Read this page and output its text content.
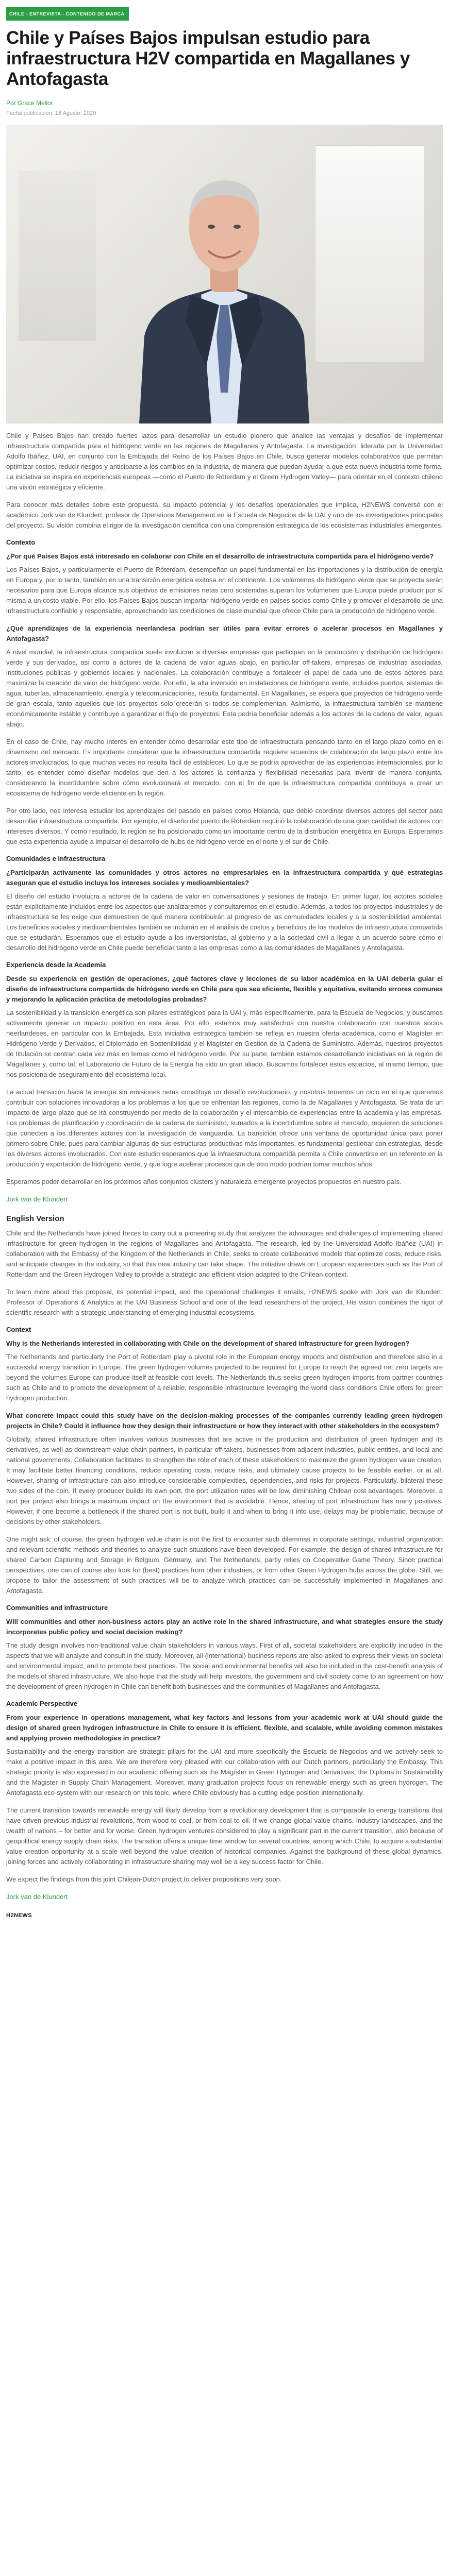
CHILE - ENTREVISTA - CONTENIDO DE MARCA
Chile y Países Bajos impulsan estudio para infraestructura H2V compartida en Magallanes y Antofagasta
Por Grace Mellor
Fecha publicación: 18 Agosto, 2020

Chile y Países Bajos han creado fuertes lazos para desarrollar un estudio pionero que analice las ventajas y desafíos de implementar infraestructura compartida para el hidrógeno verde en las regiones de Magallanes y Antofagasta. La investigación, liderada por la Universidad Adolfo Ibáñez, UAI, en conjunto con la Embajada del Reino de los Países Bajos en Chile, busca generar modelos colaborativos que permitan optimizar costos, reducir riesgos y anticiparse a los cambios en la industria, de manera que puedan ayudar a que esta nueva industria tome forma. La iniciativa se inspira en experiencias europeas —como el Puerto de Róterdam y el Green Hydrogen Valley— para orientar en el contexto chileno una visión estratégica y eficiente.

Para conocer más detalles sobre este propuesta, su impacto potencial y los desafíos operacionales que implica, H2NEWS conversó con el académico Jork van de Klundert, profesor de Operations Management en la Escuela de Negocios de la UAI y uno de los investigadores principales del proyecto. Su visión combina el rigor de la investigación científica con una comprensión estratégica de los ecosistemas industriales emergentes.

Contexto

¿Por qué Países Bajos está interesado en colaborar con Chile en el desarrollo de infraestructura compartida para el hidrógeno verde?

Los Países Bajos, y particularmente el Puerto de Róterdam, desempeñan un papel fundamental en las importaciones y la distribución de energía en Europa y, por lo tanto, también en una transición energética exitosa en el continente. Los volúmenes de hidrógeno verde que se proyecta serán necesarios para que Europa alcance sus objetivos de emisiones netas cero sostenidas superan los volúmenes que Europa puede producir por sí misma a un costo viable. Por ello, los Países Bajos buscan importar hidrógeno verde en países socios como Chile y promover el desarrollo de una infraestructura confiable y responsable, aprovechando las condiciones de clase mundial que ofrece Chile para la producción de hidrógeno verde.

¿Qué aprendizajes de la experiencia neerlandesa podrían ser útiles para evitar errores o acelerar procesos en Magallanes y Antofagasta?

A nivel mundial, la infraestructura compartida suele involucrar a diversas empresas que participan en la producción y distribución de hidrógeno verde y sus derivados, así como a actores de la cadena de valor aguas abajo, en particular off-takers, empresas de industrias asociadas, instituciones públicas y gobiernos locales y nacionales. La colaboración contribuye a fortalecer el papel de cada uno de estos actores para maximizar la creación de valor del hidrógeno verde. Por ello, la alta inversión en instalaciones de hidrógeno verde, incluidos puertos, sistemas de agua, tuberías, almacenamiento, energía y telecomunicaciones, resulta fundamental. En Magallanes, se espera que proyectos de hidrógeno verde de gran escala, tanto aquellos que los proyectos solo crecerán si todos se complementan. Asimismo, la infraestructura también se mantiene económicamente estable y contribuye a garantizar el flujo de proyectos. Esta podría beneficiar además a los actores de la cadena de valor, aguas abajo.

En el caso de Chile, hay mucho interés en entender cómo desarrollar este tipo de infraestructura pensando tanto en el largo plazo como en el dinamismo del mercado. Es importante considerar que la infraestructura compartida requiere acuerdos de colaboración de largo plazo entre los actores involucrados, lo que muchas veces no resulta fácil de establecer. Lo que se podría aprovechar de las experiencias internacionales, por lo tanto, es entender cómo diseñar modelos que den a los actores la confianza y flexibilidad necesarias para invertir de manera conjunta, considerando la incertidumbre sobre cómo evolucionará el mercado, con el fin de que la infraestructura compartida contribuya a crear un ecosistema de hidrógeno verde eficiente en la región.

Por otro lado, nos interesa estudiar los aprendizajes del pasado en países como Holanda, que debió coordinar diversos actores del sector para desarrollar infraestructura compartida. Por ejemplo, el diseño del puerto de Róterdam requirió la colaboración de una gran cantidad de actores con intereses diversos. Y como resultado, la región se ha posicionado como un importante centro de la distribución energética en Europa. Esperamos que esta experiencia ayude a impulsar el desarrollo de hubs de hidrógeno verde en el norte y el sur de Chile.

Comunidades e infraestructura

¿Participarán activamente las comunidades y otros actores no empresariales en la infraestructura compartida y qué estrategias aseguran que el estudio incluya los intereses sociales y medioambientales?

El diseño del estudio involucra a actores de la cadena de valor en conversaciones y sesiones de trabajo. En primer lugar, los actores sociales están explícitamente incluidos entre los aspectos que analizaremos y consultaremos en el estudio. Además, a todos los proyectos industriales y de infraestructura se les exige que demuestren de qué manera contribuirán al progreso de las comunidades locales y a la sostenibilidad ambiental. Los beneficios sociales y medioambientales también se incluirán en el análisis de costos y beneficios de los modelos de infraestructura compartida que se estudiarán. Esperamos que el estudio ayude a los inversionistas, al gobierno y a la sociedad civil a llegar a un acuerdo sobre cómo el desarrollo del hidrógeno verde en Chile puede beneficiar tanto a las empresas como a las comunidades de Magallanes y Antofagasta.

Experiencia desde la Academia

Desde su experiencia en gestión de operaciones, ¿qué factores clave y lecciones de su labor académica en la UAI debería guiar el diseño de infraestructura compartida de hidrógeno verde en Chile para que sea eficiente, flexible y equitativa, evitando errores comunes y mejorando la aplicación práctica de metodologías probadas?

La sostenibilidad y la transición energética son pilares estratégicos para la UAI y, más específicamente, para la Escuela de Negocios, y buscamos activamente generar un impacto positivo en esta área. Por ello, estamos muy satisfechos con nuestra colaboración con nuestros socios neerlandeses, en particular con la Embajada. Esta iniciativa estratégica también se refleja en nuestra oferta académica, como el Magíster en Hidrógeno Verde y Derivados, el Diplomado en Sostenibilidad y el Magíster en Gestión de la Cadena de Suministro. Además, nuestros proyectos de titulación se centran cada vez más en temas como el hidrógeno verde. Por su parte, también estamos desarrollando iniciativas en la región de Magallanes y, como tal, el Laboratorio de Futuro de la Energía ha sido un gran aliado. Buscamos fortalecer estos espacios, al mismo tiempo, que nos posiciona de aseguramiento del ecosistema local.

La actual transición hacia la energía sin emisiones netas constituye un desafío revolucionario, y nosotros tenemos un ciclo en el que queremos contribuir con soluciones innovadoras a los problemas a los que se enfrentan las regiones, como la de Magallanes y Antofagasta. Se trata de un impacto de largo plazo que se irá construyendo por medio de la colaboración y el intercambio de experiencias entre la academia y las empresas. Los problemas de planificación y coordinación de la cadena de suministro, sumados a la incertidumbre sobre el mercado, requieren de soluciones que conecten a los diferentes actores con la investigación de vanguardia. La transición ofrece una ventana de oportunidad única para poner primero sobre Chile, pues para cambiar algunas de sus estructuras productivas más importantes, es fundamental gestionar con estrategias, desde los diversos actores involucrados. Con este estudio esperamos que la infraestructura compartida permita a Chile convertirse en un referente en la producción y exportación de hidrógeno verde, y que logre acelerar procesos que de otro modo podrían tomar muchos años.

Esperamos poder desarrollar en los próximos años conjuntos clústers y naturaleza emergente proyectos propuestos en nuestro país.

Jork van de Klundert
English Version

Chile and the Netherlands have joined forces to carry out a pioneering study that analyzes the advantages and challenges of implementing shared infrastructure for green hydrogen in the regions of Magallanes and Antofagasta. The research, led by the Universidad Adolfo Ibáñez (UAI) in collaboration with the Embassy of the Kingdom of the Netherlands in Chile, seeks to create collaborative models that optimize costs, reduce risks, and anticipate changes in the industry, so that this new industry can take shape. The initiative draws on European experiences such as the Port of Rotterdam and the Green Hydrogen Valley to provide a strategic and efficient vision adapted to the Chilean context.

To learn more about this proposal, its potential impact, and the operational challenges it entails, H2NEWS spoke with Jork van de Klundert, Professor of Operations & Analytics at the UAI Business School and one of the lead researchers of the project. His vision combines the rigor of scientific research with a strategic understanding of emerging industrial ecosystems.

Context

Why is the Netherlands interested in collaborating with Chile on the development of shared infrastructure for green hydrogen?

The Netherlands and particularly the Port of Rotterdam play a pivotal role in the European energy imports and distribution and therefore also in a successful energy transition in Europe. The green hydrogen volumes projected to be required for Europe to reach the agreed net zero targets are beyond the volumes Europe can produce itself at feasible cost levels. The Netherlands thus seeks green hydrogen imports from partner countries such as Chile and to promote the development of a reliable, responsible infrastructure leveraging the world class conditions Chile offers for green hydrogen production.

What concrete impact could this study have on the decision-making processes of the companies currently leading green hydrogen projects in Chile? Could it influence how they design their infrastructure or how they interact with other stakeholders in the ecosystem?

Globally, shared infrastructure often involves various businesses that are active in the production and distribution of green hydrogen and its derivatives, as well as downstream value chain partners, in particular off-takers, businesses from adjacent industries, public entities, and local and national governments. Collaboration facilitates to strengthen the role of each of these stakeholders to maximize the green hydrogen value creation. It may facilitate better financing conditions, reduce operating costs, reduce risks, and ultimately cause projects to be feasible earlier, or at all. However, sharing of infrastructure can also introduce considerable complexities, dependencies, and risks for projects. Particularly, bilateral these two sides of the coin. If every producer builds its own port, the port utilization rates will be low, diminishing Chilean cost advantages. Moreover, a port per project also brings a maximum impact on the environment that is avoidable. Hence, sharing of port infrastructure has many positives. However, if one become a bottleneck if the shared port is not built, build it and when to bring it into use, delays may be problematic, because of decisions by other stakeholders.

One might ask: of course, the green hydrogen value chain is not the first to encounter such dilemmas in corporate settings, industrial organization and relevant scientific methods and theories to analyze such situations have been developed. For example, the design of shared infrastructure for shared Carbon Capturing and Storage in Belgium, Germany, and The Netherlands, partly relies on Cooperative Game Theory. Since practical perspectives, one can of course also look for (best) practices from other industries, or from other Green Hydrogen hubs across the globe. Still, we propose to tailor the assessment of such practices will be to analyze which practices can be successfully implemented in Magallanes and Antofagasta.

Communities and infrastructure

Will communities and other non-business actors play an active role in the shared infrastructure, and what strategies ensure the study incorporates public policy and social decision making?

The study design involves non-traditional value chain stakeholders in various ways. First of all, societal stakeholders are explicitly included in the aspects that we will analyze and consult in the study. Moreover, all (international) business reports are also asked to express their views on societal and environmental impact, and to promote best practices. The social and environmental benefits will also be included in the cost-benefit analysis of the models of shared infrastructure. We also hope that the study will help investors, the government and civil society come to an agreement on how the development of green hydrogen in Chile can benefit both businesses and the communities of Magallanes and Antofagasta.

Academic Perspective

From your experience in operations management, what key factors and lessons from your academic work at UAI should guide the design of shared green hydrogen infrastructure in Chile to ensure it is efficient, flexible, and scalable, while avoiding common mistakes and applying proven methodologies in practice?

Sustainability and the energy transition are strategic pillars for the UAI and more specifically the Escuela de Negocios and we actively seek to make a positive impact in this area. We are therefore very pleased with our collaboration with our Dutch partners, particularly the Embassy. This strategic priority is also expressed in our academic offering such as the Magíster in Green Hydrogen and Derivatives, the Diploma in Sustainability and the Magister in Supply Chain Management. Moreover, many graduation projects focus on renewable energy such as green hydrogen. The Antofagasta eco-system with our research on this topic, where Chile obviously has a cutting edge position internationally.

The current transition towards renewable energy will likely develop from a revolutionary development that is comparable to energy transitions that have driven previous industrial revolutions, from wood to coal, or from coal to oil. If we change global value chains, industry landscapes, and the wealth of nations – for better and for worse. Green hydrogen ventures considered to play a significant part in the current transition, also because of geopolitical energy supply chain risks. The transition offers a unique time window for several countries, among which Chile, to acquire a substantial value creation opportunity at a scale well beyond the value creation of historical companies. Against the background of these global dynamics, joining forces and actively collaborating in infrastructure sharing may well be a key success factor for Chile.

We expect the findings from this joint Chilean-Dutch project to deliver propositions very soon.

Jork van de Klundert
H2NEWS
